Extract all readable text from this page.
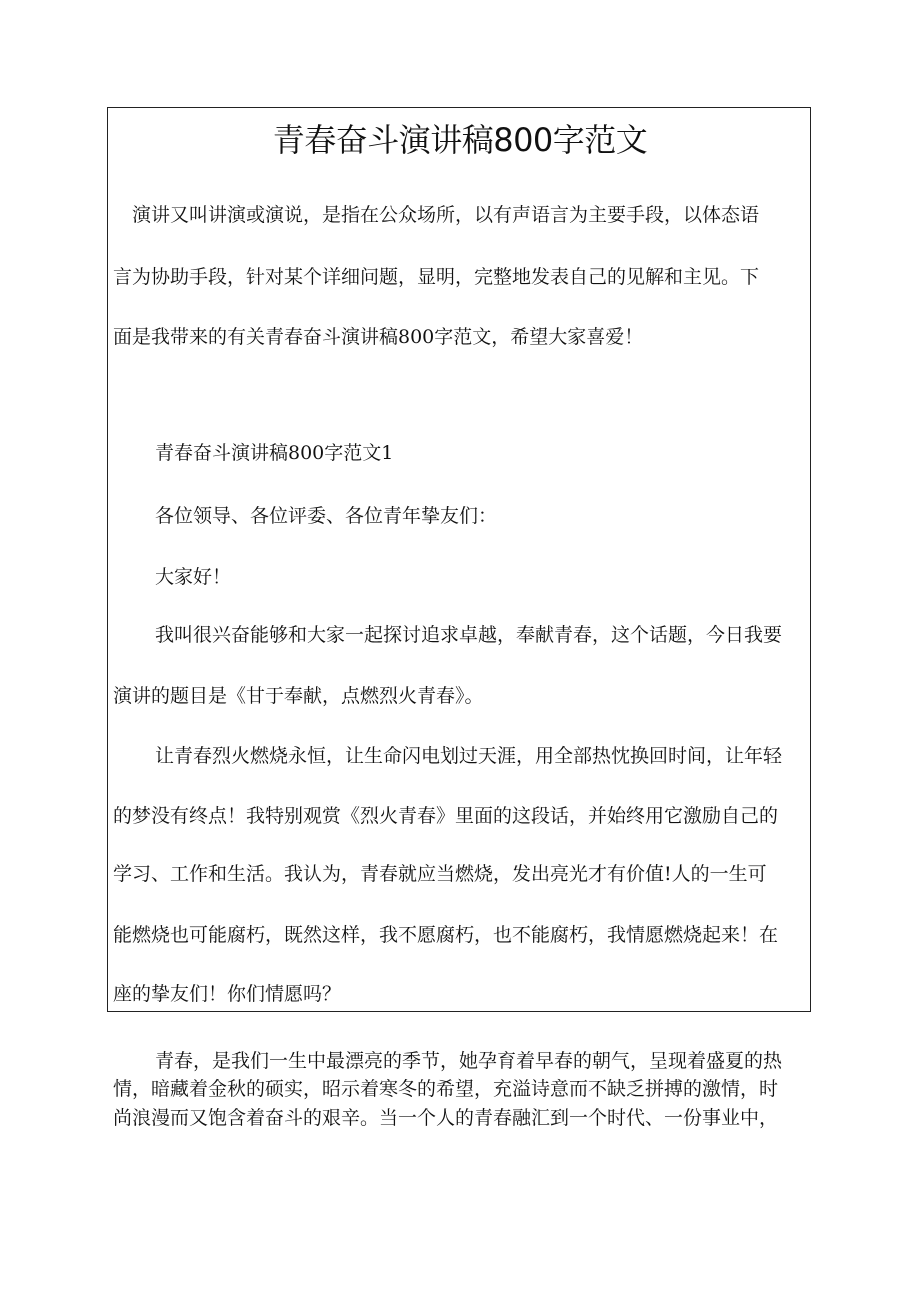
青春奋斗演讲稿800字范文
演讲又叫讲演或演说，是指在公众场所，以有声语言为主要手段，以体态语
言为协助手段，针对某个详细问题，显明，完整地发表自己的见解和主见。下
面是我带来的有关青春奋斗演讲稿800字范文，希望大家喜爱！
青春奋斗演讲稿800字范文1
各位领导、各位评委、各位青年挚友们：
大家好！
我叫很兴奋能够和大家一起探讨追求卓越，奉献青春，这个话题，今日我要
演讲的题目是《甘于奉献，点燃烈火青春》。
让青春烈火燃烧永恒，让生命闪电划过天涯，用全部热忱换回时间，让年轻
的梦没有终点！我特别观赏《烈火青春》里面的这段话，并始终用它激励自己的
学习、工作和生活。我认为，青春就应当燃烧，发出亮光才有价值!人的一生可
能燃烧也可能腐朽，既然这样，我不愿腐朽，也不能腐朽，我情愿燃烧起来！在
座的挚友们！你们情愿吗？
青春，是我们一生中最漂亮的季节，她孕育着早春的朝气，呈现着盛夏的热
情，暗藏着金秋的硕实，昭示着寒冬的希望，充溢诗意而不缺乏拼搏的激情，时
尚浪漫而又饱含着奋斗的艰辛。当一个人的青春融汇到一个时代、一份事业中，
